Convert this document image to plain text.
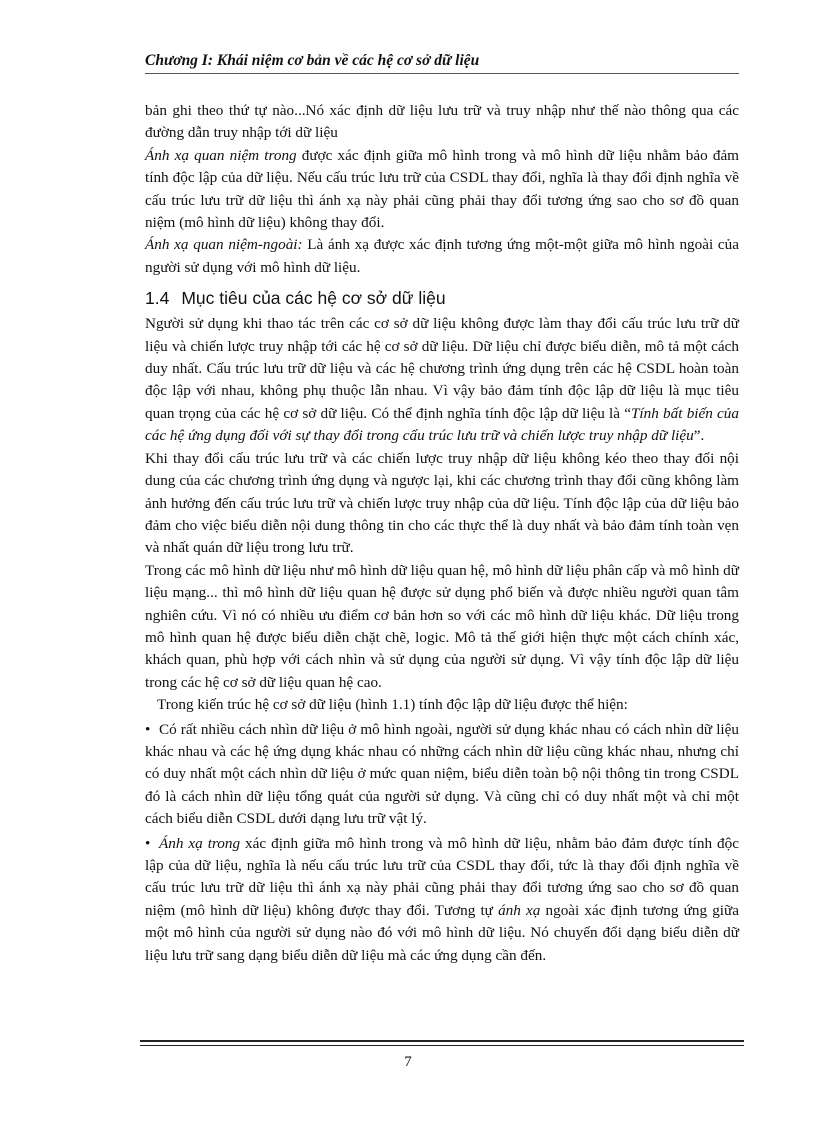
Chương I: Khái niệm cơ bản về các hệ cơ sở dữ liệu

bản ghi theo thứ tự nào...Nó xác định dữ liệu lưu trữ và truy nhập như thế nào thông qua các đường dẫn truy nhập tới dữ liệu

Ánh xạ quan niệm trong được xác định giữa mô hình trong và mô hình dữ liệu nhằm bảo đảm tính độc lập của dữ liệu. Nếu cấu trúc lưu trữ của CSDL thay đổi, nghĩa là thay đổi định nghĩa về cấu trúc lưu trữ dữ liệu thì ánh xạ này phải cũng phải thay đổi tương ứng sao cho sơ đồ quan niệm (mô hình dữ liệu) không thay đổi.

Ánh xạ quan niệm-ngoài: Là ánh xạ được xác định tương ứng một-một giữa mô hình ngoài của người sử dụng với mô hình dữ liệu.

1.4 Mục tiêu của các hệ cơ sở dữ liệu

Người sử dụng khi thao tác trên các cơ sở dữ liệu không được làm thay đổi cấu trúc lưu trữ dữ liệu và chiến lược truy nhập tới các hệ cơ sở dữ liệu. Dữ liệu chỉ được biểu diễn, mô tả một cách duy nhất. Cấu trúc lưu trữ dữ liệu và các hệ chương trình ứng dụng trên các hệ CSDL hoàn toàn độc lập với nhau, không phụ thuộc lẫn nhau. Vì vậy bảo đảm tính độc lập dữ liệu là mục tiêu quan trọng của các hệ cơ sở dữ liệu. Có thể định nghĩa tính độc lập dữ liệu là “Tính bất biến của các hệ ứng dụng đối với sự thay đổi trong cấu trúc lưu trữ và chiến lược truy nhập dữ liệu”.

Khi thay đổi cấu trúc lưu trữ và các chiến lược truy nhập dữ liệu không kéo theo thay đổi nội dung của các chương trình ứng dụng và ngược lại, khi các chương trình thay đổi cũng không làm ảnh hưởng đến cấu trúc lưu trữ và chiến lược truy nhập của dữ liệu. Tính độc lập của dữ liệu bảo đảm cho việc biểu diễn nội dung thông tin cho các thực thể là duy nhất và bảo đảm tính toàn vẹn và nhất quán dữ liệu trong lưu trữ.

Trong các mô hình dữ liệu như mô hình dữ liệu quan hệ, mô hình dữ liệu phân cấp và mô hình dữ liệu mạng... thì mô hình dữ liệu quan hệ được sử dụng phổ biến và được nhiều người quan tâm nghiên cứu. Vì nó có nhiều ưu điểm cơ bản hơn so với các mô hình dữ liệu khác. Dữ liệu trong mô hình quan hệ được biểu diễn chặt chẽ, logic. Mô tả thế giới hiện thực một cách chính xác, khách quan, phù hợp với cách nhìn và sử dụng của người sử dụng. Vì vậy tính độc lập dữ liệu trong các hệ cơ sở dữ liệu quan hệ cao.

Trong kiến trúc hệ cơ sở dữ liệu (hình 1.1) tính độc lập dữ liệu được thể hiện:

• Có rất nhiều cách nhìn dữ liệu ở mô hình ngoài, người sử dụng khác nhau có cách nhìn dữ liệu khác nhau và các hệ ứng dụng khác nhau có những cách nhìn dữ liệu cũng khác nhau, nhưng chỉ có duy nhất một cách nhìn dữ liệu ở mức quan niệm, biểu diễn toàn bộ nội thông tin trong CSDL đó là cách nhìn dữ liệu tổng quát của người sử dụng. Và cũng chỉ có duy nhất một và chỉ một cách biểu diễn CSDL dưới dạng lưu trữ vật lý.

• Ánh xạ trong xác định giữa mô hình trong và mô hình dữ liệu, nhằm bảo đảm được tính độc lập của dữ liệu, nghĩa là nếu cấu trúc lưu trữ của CSDL thay đổi, tức là thay đổi định nghĩa về cấu trúc lưu trữ dữ liệu thì ánh xạ này phải cũng phải thay đổi tương ứng sao cho sơ đồ quan niệm (mô hình dữ liệu) không được thay đổi. Tương tự ánh xạ ngoài xác định tương ứng giữa một mô hình của người sử dụng nào đó với mô hình dữ liệu. Nó chuyển đổi dạng biểu diễn dữ liệu lưu trữ sang dạng biểu diễn dữ liệu mà các ứng dụng cần đến.

7
